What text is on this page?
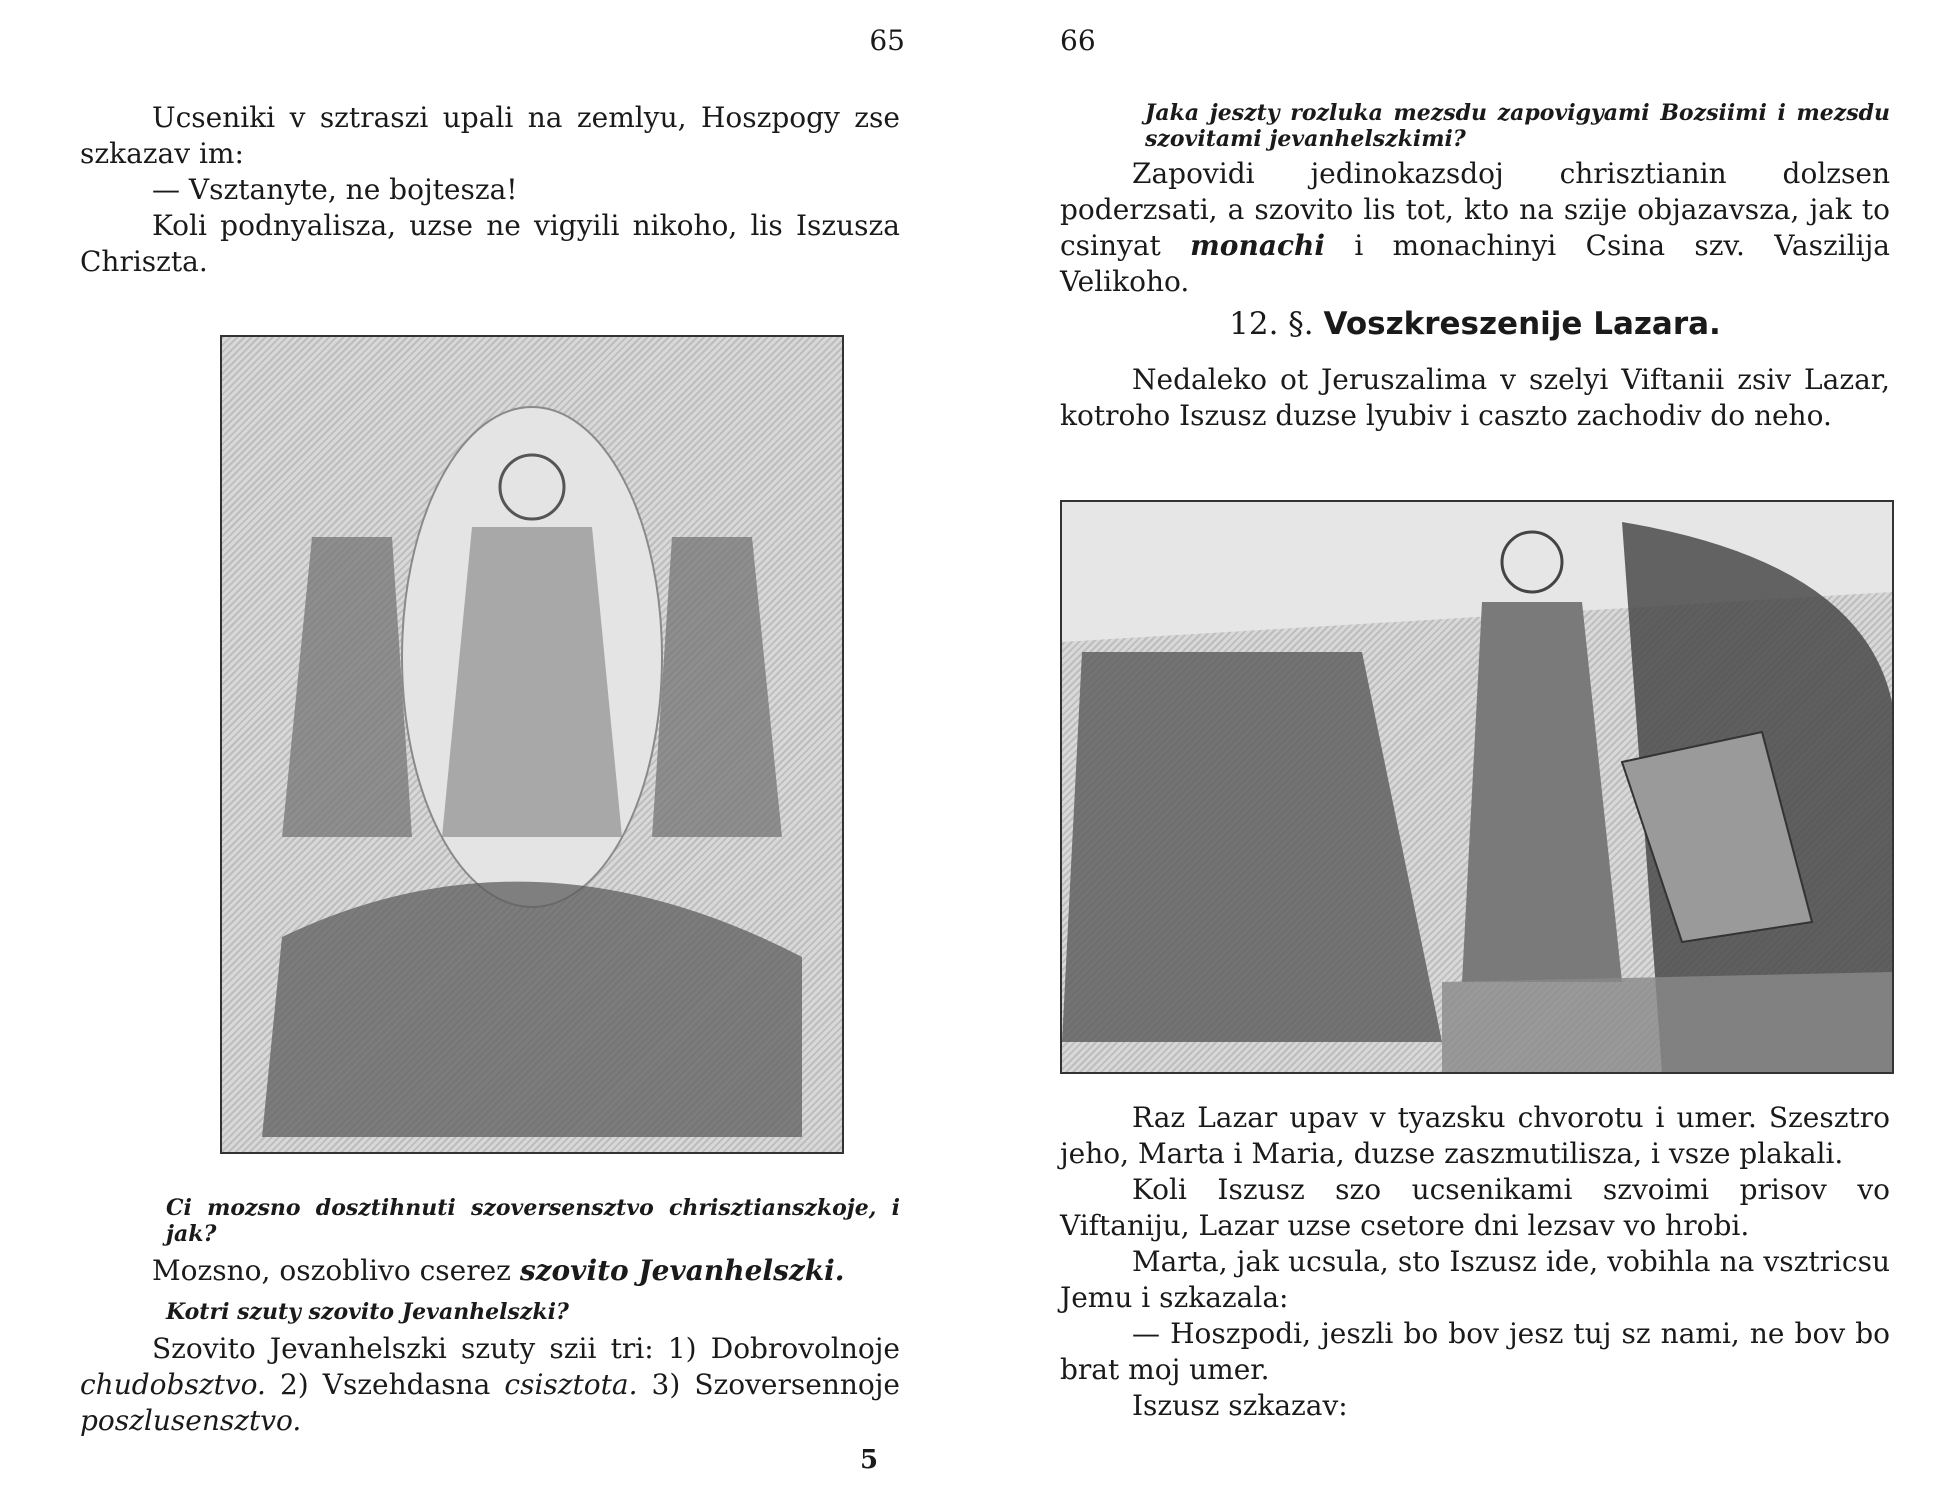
65

Ucseniki v sztraszi upali na zemlyu, Hoszpogy zse szkazav im:

— Vsztanyte, ne bojtesza!

Koli podnyalisza, uzse ne vigyili nikoho, lis Iszusza Chriszta.

Ci mozsno dosztihnuti szoversensztvo chrisztianszkoje, i jak?

Mozsno, oszoblivo cserez szovito Jevanhelszki.

Kotri szuty szovito Jevanhelszki?

Szovito Jevanhelszki szuty szii tri: 1) Dobrovolnoje chudobsztvo. 2) Vszehdasna csisztota. 3) Szoversennoje poszlusensztvo.

5
66

Jaka jeszty rozluka mezsdu zapovigyami Bozsiimi i mezsdu szovitami jevanhelszkimi?

Zapovidi jedinokazsdoj chrisztianin dolzsen poderzsati, a szovito lis tot, kto na szije objazavsza, jak to csinyat monachi i monachinyi Csina szv. Vaszilija Velikoho.

12. §. Voszkreszenije Lazara.

Nedaleko ot Jeruszalima v szelyi Viftanii zsiv Lazar, kotroho Iszusz duzse lyubiv i caszto zachodiv do neho.

Raz Lazar upav v tyazsku chvorotu i umer. Szesztro jeho, Marta i Maria, duzse zaszmutilisza, i vsze plakali.

Koli Iszusz szo ucsenikami szvoimi prisov vo Viftaniju, Lazar uzse csetore dni lezsav vo hrobi.

Marta, jak ucsula, sto Iszusz ide, vobihla na vsztricsu Jemu i szkazala:

— Hoszpodi, jeszli bo bov jesz tuj sz nami, ne bov bo brat moj umer.

Iszusz szkazav:
